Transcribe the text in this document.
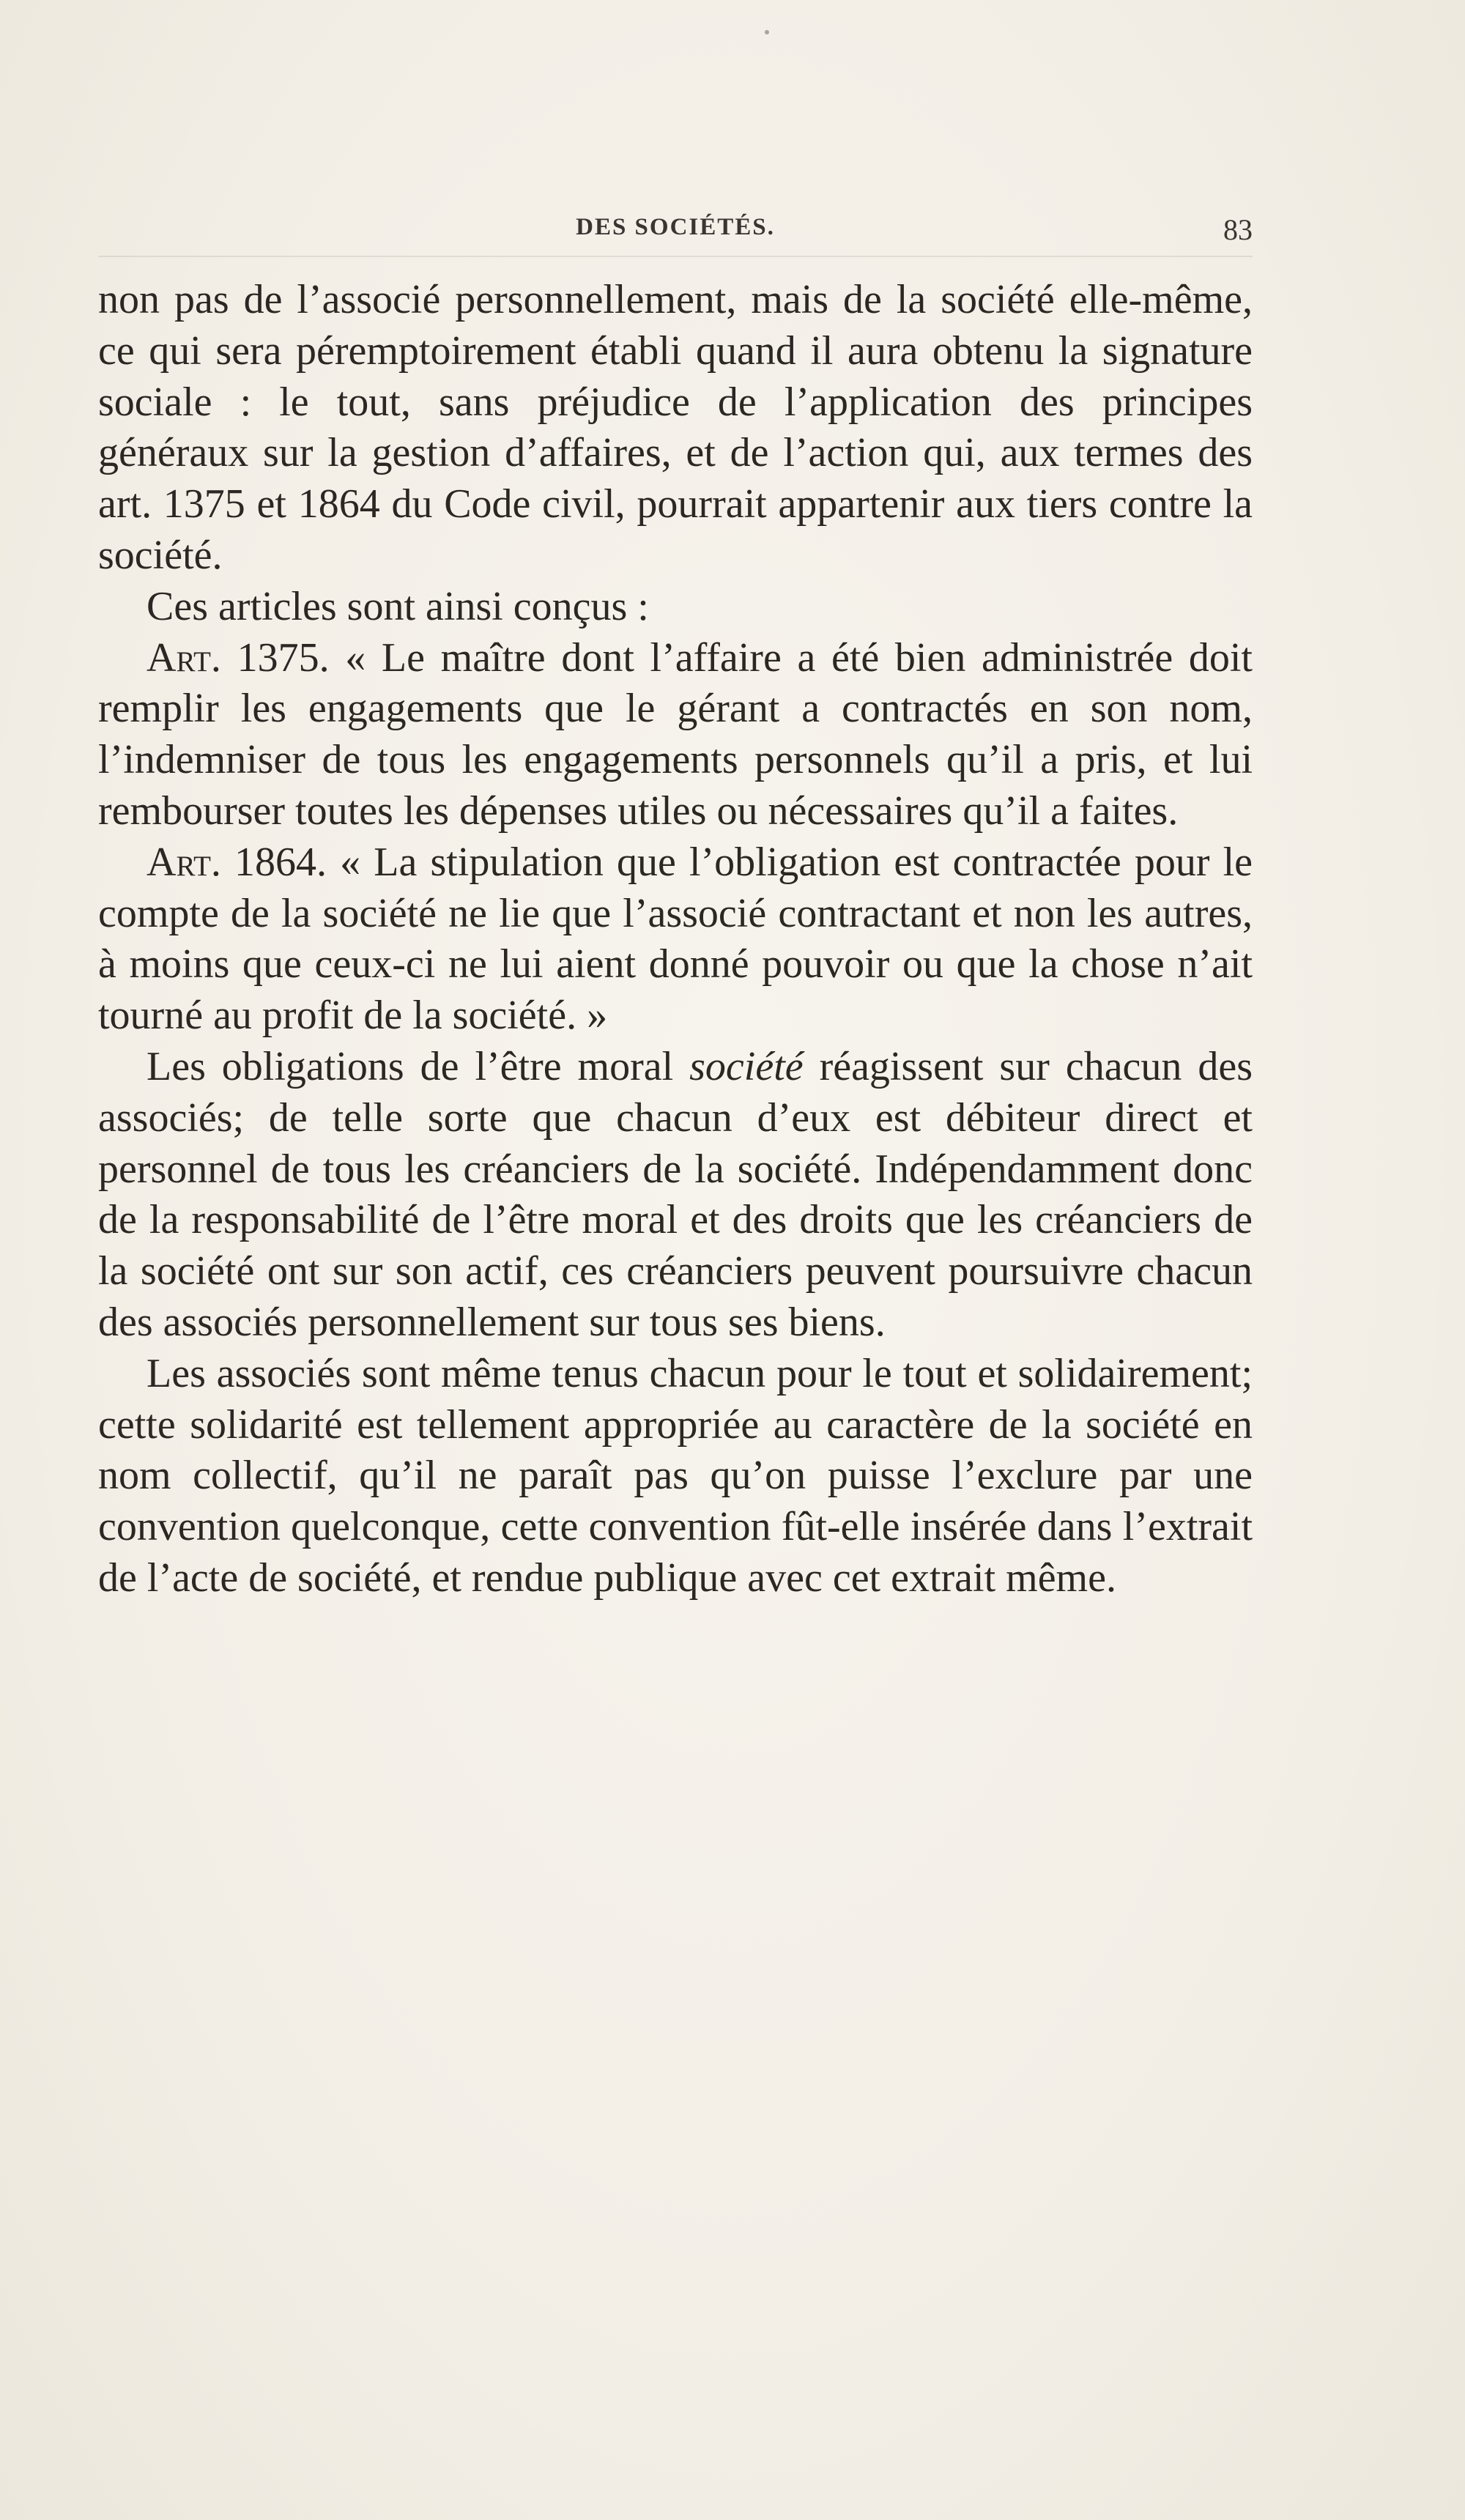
DES SOCIÉTÉS.	83

non pas de l’associé personnellement, mais de la société elle-même, ce qui sera péremptoirement établi quand il aura obtenu la signature sociale : le tout, sans préjudice de l’application des principes généraux sur la gestion d’affaires, et de l’action qui, aux termes des art. 1375 et 1864 du Code civil, pourrait appartenir aux tiers contre la société.

Ces articles sont ainsi conçus :

Art. 1375. « Le maître dont l’affaire a été bien administrée doit remplir les engagements que le gérant a contractés en son nom, l’indemniser de tous les engagements personnels qu’il a pris, et lui rembourser toutes les dépenses utiles ou nécessaires qu’il a faites.

Art. 1864. « La stipulation que l’obligation est contractée pour le compte de la société ne lie que l’associé contractant et non les autres, à moins que ceux-ci ne lui aient donné pouvoir ou que la chose n’ait tourné au profit de la société. »

Les obligations de l’être moral société réagissent sur chacun des associés; de telle sorte que chacun d’eux est débiteur direct et personnel de tous les créanciers de la société. Indépendamment donc de la responsabilité de l’être moral et des droits que les créanciers de la société ont sur son actif, ces créanciers peuvent poursuivre chacun des associés personnellement sur tous ses biens.

Les associés sont même tenus chacun pour le tout et solidairement; cette solidarité est tellement appropriée au caractère de la société en nom collectif, qu’il ne paraît pas qu’on puisse l’exclure par une convention quelconque, cette convention fût-elle insérée dans l’extrait de l’acte de société, et rendue publique avec cet extrait même.
